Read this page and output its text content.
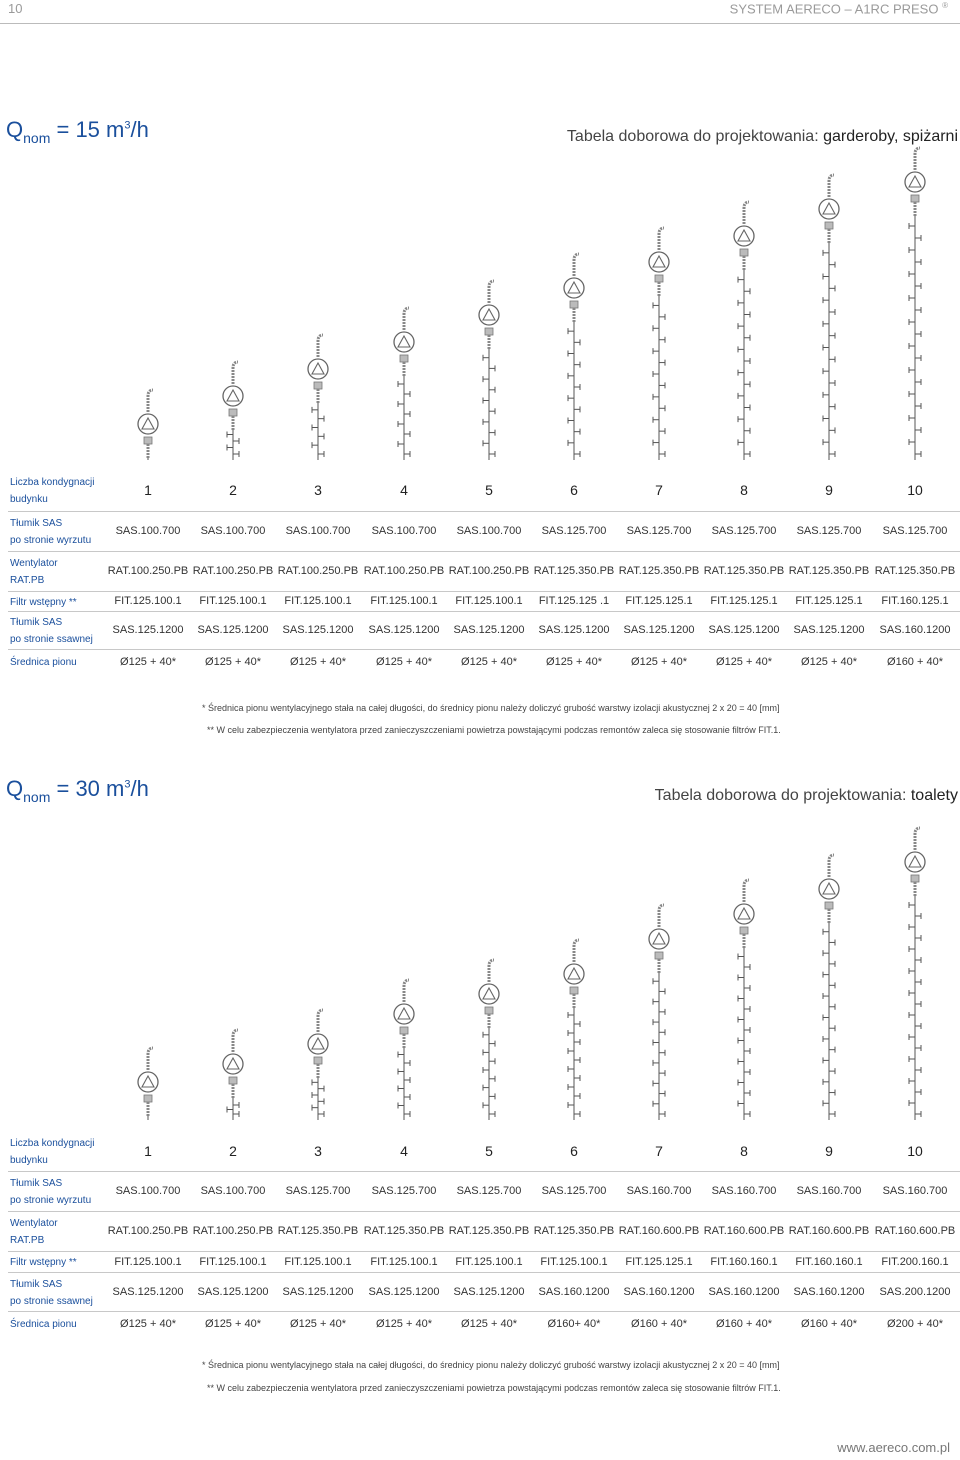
10	SYSTEM AERECO – A1RC PRESO ®
$Q_{nom} = 15$ $m^3/h$	Tabela doborowa do projektowania: garderoby, spiżarni
Liczba kondygnacji
budynku
1	2	3	4	5	6	7	8	9	10
Tłumik SAS
po stronie wyrzutu
SAS.100.700 SAS.100.700 SAS.100.700 SAS.100.700 SAS.100.700 SAS.125.700 SAS.125.700 SAS.125.700 SAS.125.700 SAS.125.700
Wentylator
RAT.PB
RAT.100.250.PB RAT.100.250.PB RAT.100.250.PB RAT.100.250.PB RAT.100.250.PB RAT.125.350.PB RAT.125.350.PB RAT.125.350.PB RAT.125.350.PB RAT.125.350.PB
Filtr wstępny **	FIT.125.100.1 FIT.125.100.1 FIT.125.100.1 FIT.125.100.1 FIT.125.100.1 FIT.125.125 .1 FIT.125.125.1 FIT.125.125.1 FIT.125.125.1 FIT.160.125.1
Tłumik SAS
po stronie ssawnej
SAS.125.1200 SAS.125.1200 SAS.125.1200 SAS.125.1200 SAS.125.1200 SAS.125.1200 SAS.125.1200 SAS.125.1200 SAS.125.1200 SAS.160.1200
Średnica pionu	Ø125 + 40*	Ø125 + 40*	Ø125 + 40*	Ø125 + 40*	Ø125 + 40*	Ø125 + 40*	Ø125 + 40*	Ø125 + 40*	Ø125 + 40*	Ø160 + 40*
* Średnica pionu wentylacyjnego stała na całej długości, do średnicy pionu należy doliczyć grubość warstwy izolacji akustycznej 2 x 20 = 40 [mm]
** W celu zabezpieczenia wentylatora przed zanieczyszczeniami powietrza powstającymi podczas remontów zaleca się stosowanie filtrów FIT.1.
$Q_{nom} = 30$ $m^3/h$	Tabela doborowa do projektowania: toalety
Liczba kondygnacji
budynku
1	2	3	4	5	6	7	8	9	10
Tłumik SAS
po stronie wyrzutu
SAS.100.700 SAS.100.700 SAS.125.700 SAS.125.700 SAS.125.700 SAS.125.700 SAS.160.700 SAS.160.700 SAS.160.700 SAS.160.700
Wentylator
RAT.PB
RAT.100.250.PB RAT.100.250.PB RAT.125.350.PB RAT.125.350.PB RAT.125.350.PB RAT.125.350.PB RAT.160.600.PB RAT.160.600.PB RAT.160.600.PB RAT.160.600.PB
Filtr wstępny **	FIT.125.100.1 FIT.125.100.1 FIT.125.100.1 FIT.125.100.1 FIT.125.100.1 FIT.125.100.1 FIT.125.125.1 FIT.160.160.1 FIT.160.160.1 FIT.200.160.1
Tłumik SAS
po stronie ssawnej
SAS.125.1200 SAS.125.1200 SAS.125.1200 SAS.125.1200 SAS.125.1200 SAS.160.1200 SAS.160.1200 SAS.160.1200 SAS.160.1200 SAS.200.1200
Średnica pionu	Ø125 + 40*	Ø125 + 40*	Ø125 + 40*	Ø125 + 40*	Ø125 + 40*	Ø160+ 40*	Ø160 + 40*	Ø160 + 40*	Ø160 + 40*	Ø200 + 40*
* Średnica pionu wentylacyjnego stała na całej długości, do średnicy pionu należy doliczyć grubość warstwy izolacji akustycznej 2 x 20 = 40 [mm]
** W celu zabezpieczenia wentylatora przed zanieczyszczeniami powietrza powstającymi podczas remontów zaleca się stosowanie filtrów FIT.1.
www.aereco.com.pl
